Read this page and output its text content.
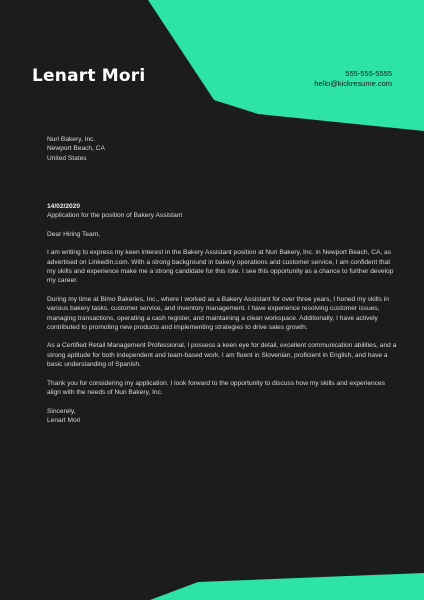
Lenart Mori	555-555-5555
hello@kickresume.com
Nuri Bakery, Inc.
Newport Beach, CA
United States
14/02/2020
Application for the position of Bakery Assistant
Dear Hiring Team,
I am writing to express my keen interest in the Bakery Assistant position at Nuri Bakery, Inc. in Newport Beach, CA, as
advertised on LinkedIn.com. With a strong background in bakery operations and customer service, I am confident that
my skills and experience make me a strong candidate for this role. I see this opportunity as a chance to further develop
my career.
During my time at Bimo Bakeries, Inc., where I worked as a Bakery Assistant for over three years, I honed my skills in
various bakery tasks, customer service, and inventory management. I have experience resolving customer issues,
managing transactions, operating a cash register, and maintaining a clean workspace. Additionally, I have actively
contributed to promoting new products and implementing strategies to drive sales growth.
As a Certified Retail Management Professional, I possess a keen eye for detail, excellent communication abilities, and a
strong aptitude for both independent and team-based work. I am fluent in Slovenian, proficient in English, and have a
basic understanding of Spanish.
Thank you for considering my application. I look forward to the opportunity to discuss how my skills and experiences
align with the needs of Nuri Bakery, Inc.
Sincerely,
Lenart Mori
